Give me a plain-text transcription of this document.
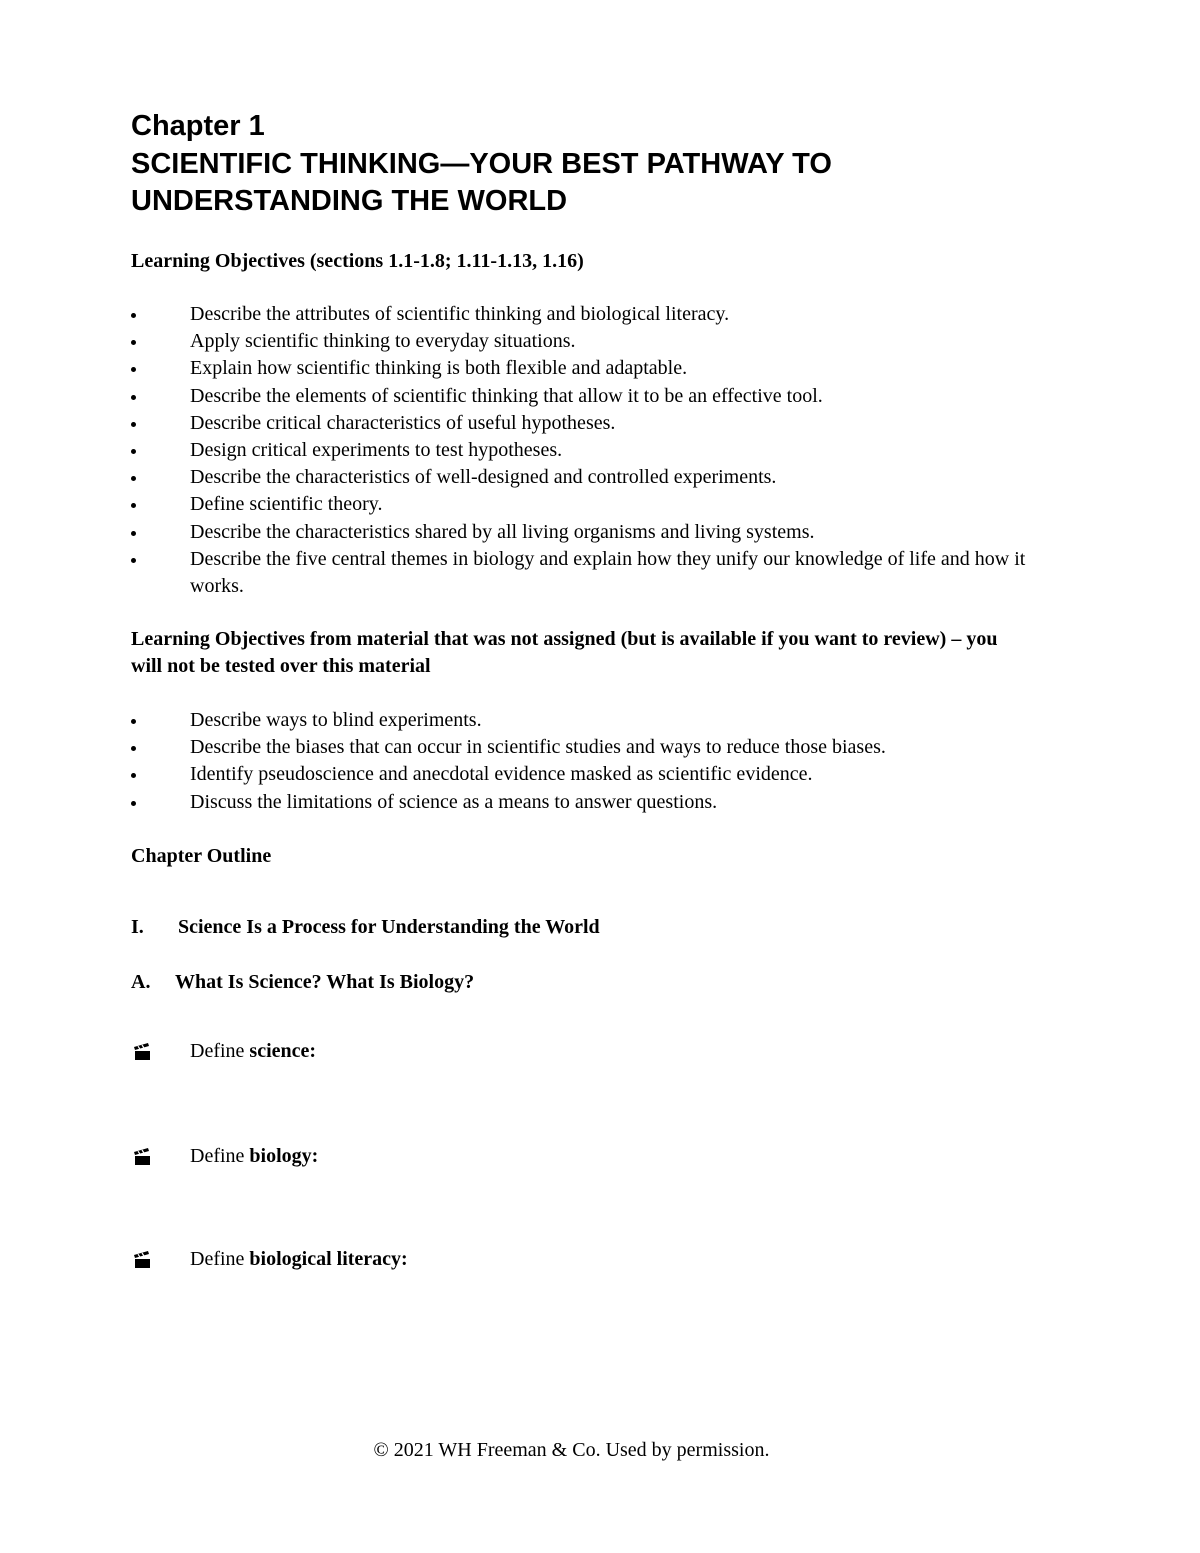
Chapter 1
SCIENTIFIC THINKING—YOUR BEST PATHWAY TO
UNDERSTANDING THE WORLD

Learning Objectives (sections 1.1-1.8; 1.11-1.13, 1.16)

Describe the attributes of scientific thinking and biological literacy.
Apply scientific thinking to everyday situations.
Explain how scientific thinking is both flexible and adaptable.
Describe the elements of scientific thinking that allow it to be an effective tool.
Describe critical characteristics of useful hypotheses.
Design critical experiments to test hypotheses.
Describe the characteristics of well-designed and controlled experiments.
Define scientific theory.
Describe the characteristics shared by all living organisms and living systems.
Describe the five central themes in biology and explain how they unify our knowledge of life and how it works.

Learning Objectives from material that was not assigned (but is available if you want to review) – you will not be tested over this material

Describe ways to blind experiments.
Describe the biases that can occur in scientific studies and ways to reduce those biases.
Identify pseudoscience and anecdotal evidence masked as scientific evidence.
Discuss the limitations of science as a means to answer questions.

Chapter Outline

I. Science Is a Process for Understanding the World

A. What Is Science? What Is Biology?

Define science:

Define biology:

Define biological literacy:

© 2021 WH Freeman & Co. Used by permission.
